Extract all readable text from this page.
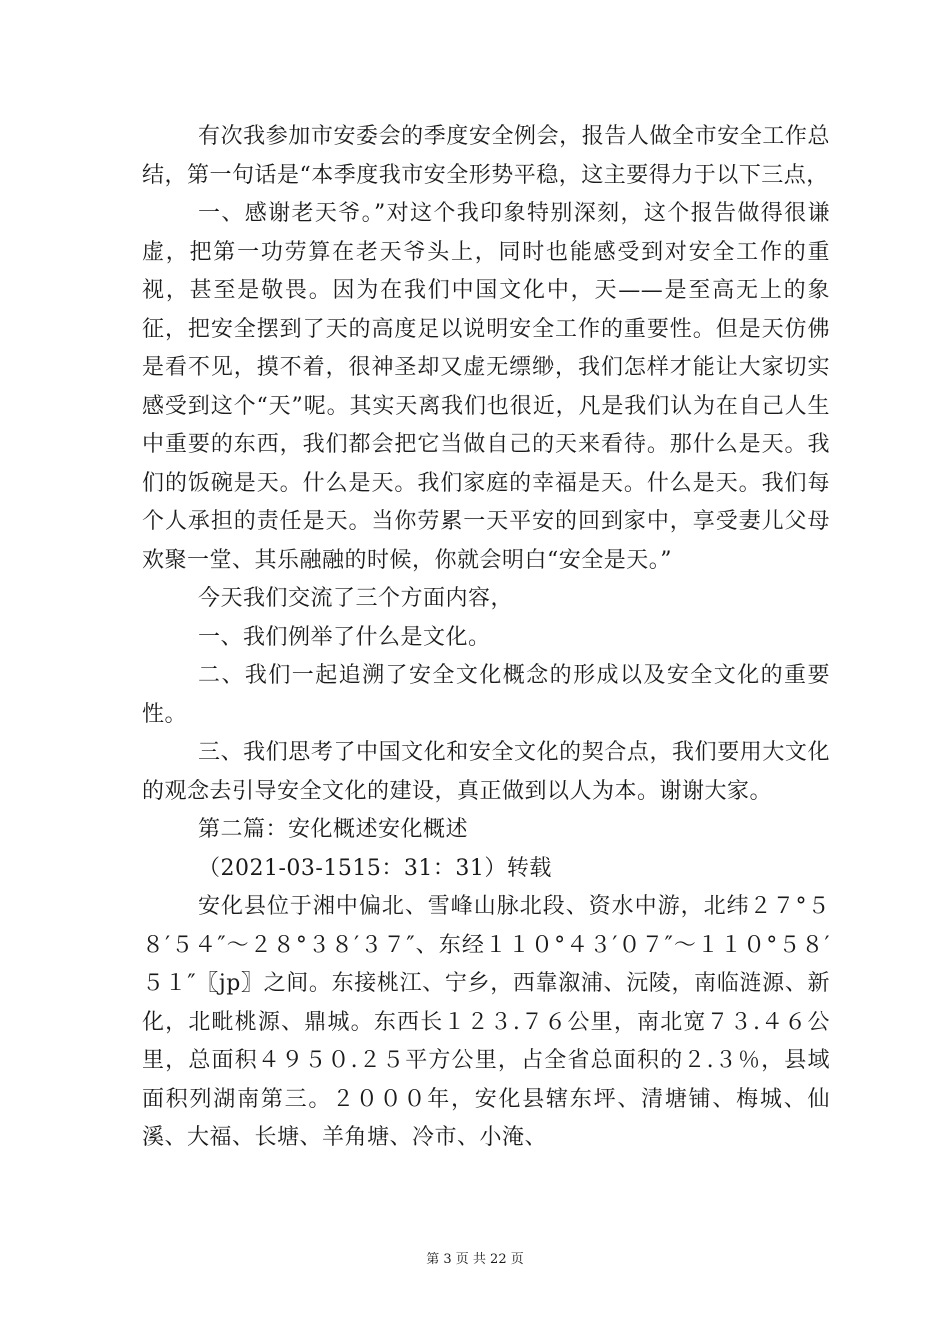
有次我参加市安委会的季度安全例会，报告人做全市安全工作总结，第一句话是“本季度我市安全形势平稳，这主要得力于以下三点，

一、感谢老天爷。”对这个我印象特别深刻，这个报告做得很谦虚，把第一功劳算在老天爷头上，同时也能感受到对安全工作的重视，甚至是敬畏。因为在我们中国文化中，天——是至高无上的象征，把安全摆到了天的高度足以说明安全工作的重要性。但是天仿佛是看不见，摸不着，很神圣却又虚无缥缈，我们怎样才能让大家切实感受到这个“天”呢。其实天离我们也很近，凡是我们认为在自己人生中重要的东西，我们都会把它当做自己的天来看待。那什么是天。我们的饭碗是天。什么是天。我们家庭的幸福是天。什么是天。我们每个人承担的责任是天。当你劳累一天平安的回到家中，享受妻儿父母欢聚一堂、其乐融融的时候，你就会明白“安全是天。”

今天我们交流了三个方面内容，

一、我们例举了什么是文化。

二、我们一起追溯了安全文化概念的形成以及安全文化的重要性。

三、我们思考了中国文化和安全文化的契合点，我们要用大文化的观念去引导安全文化的建设，真正做到以人为本。谢谢大家。

第二篇：安化概述安化概述

（2021-03-1515：31：31）转载

安化县位于湘中偏北、雪峰山脉北段、资水中游，北纬２７°５８′５４″～２８°３８′３７″、东经１１０°４３′０７″～１１０°５８′５１″〖jp〗之间。东接桃江、宁乡，西靠溆浦、沅陵，南临涟源、新化，北毗桃源、鼎城。东西长１２３.７６公里，南北宽７３.４６公里，总面积４９５０.２５平方公里，占全省总面积的２.３％，县域面积列湖南第三。２０００年，安化县辖东坪、清塘铺、梅城、仙溪、大福、长塘、羊角塘、冷市、小淹、

第 3 页 共 22 页
